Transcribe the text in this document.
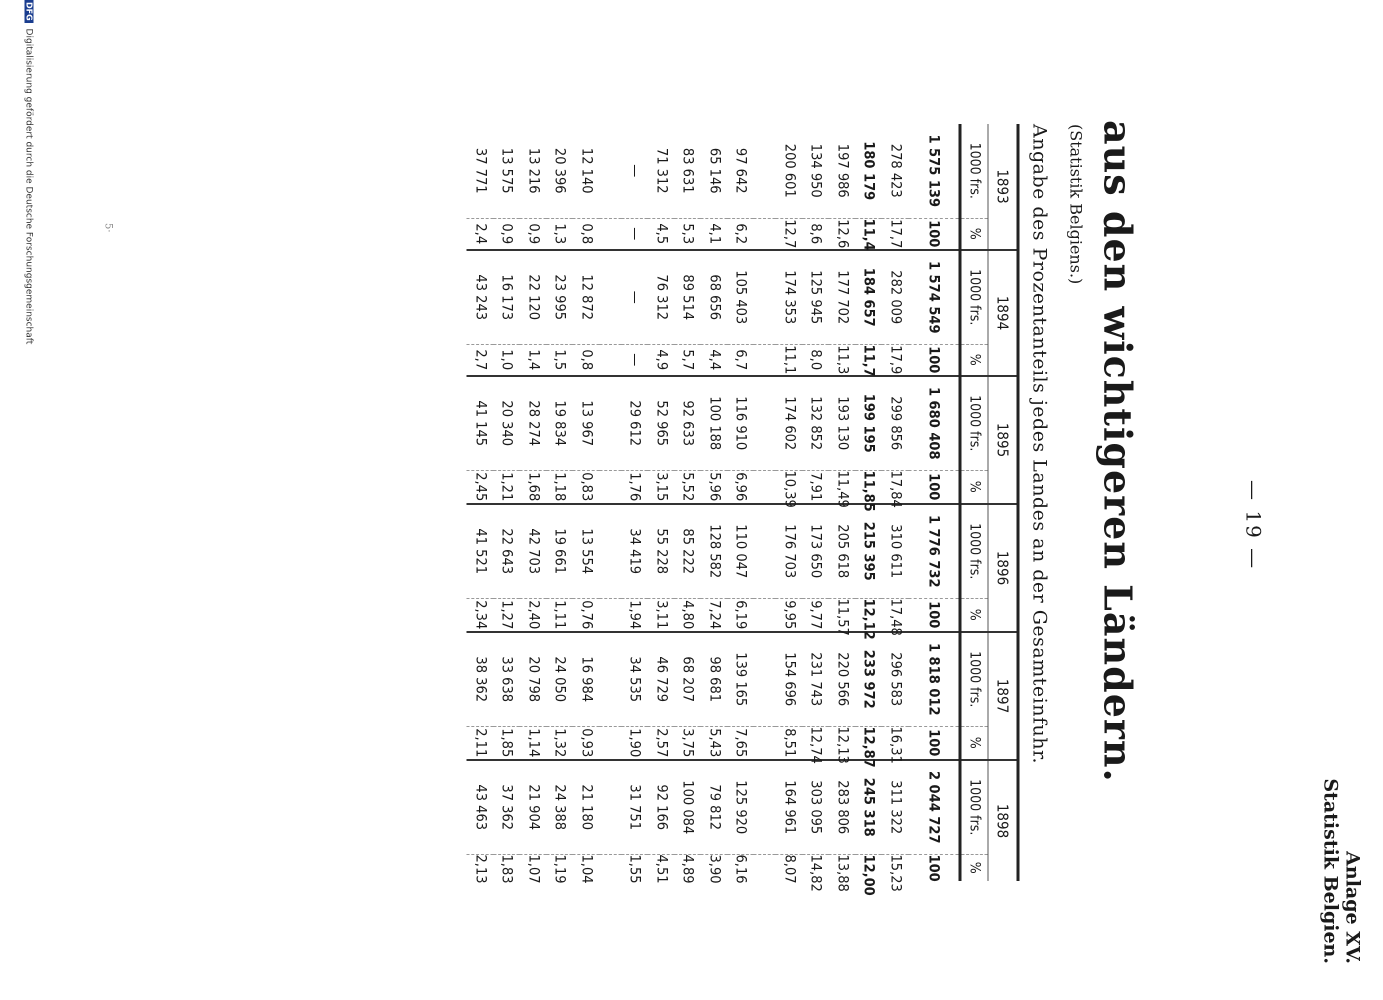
Anlage XV.
Statistik Belgien.
— 19 —
aus den wichtigeren Ländern.
(Statistik Belgiens.)
Angabe des Prozentanteils jedes Landes an der Gesamteinfuhr.
1893		1894		1895		1896		1897		1898	
1000 frs.	%	1000 frs.	%	1000 frs.	%	1000 frs.	%	1000 frs.	%	1000 frs.	%
1 575 139	100	1 574 549	100	1 680 408	100	1 776 732	100	1 818 012	100	2 044 727	100
278 423	17,7	282 009	17,9	299 856	17,84	310 611	17,48	296 583	16,31	311 322	15,23
180 179	11,4	184 657	11,7	199 195	11,85	215 395	12,12	233 972	12,87	245 318	12,00
197 986	12,6	177 702	11,3	193 130	11,49	205 618	11,57	220 566	12,13	283 806	13,88
134 950	8,6	125 945	8,0	132 852	7,91	173 650	9,77	231 743	12,74	303 095	14,82
200 601	12,7	174 353	11,1	174 602	10,39	176 703	9,95	154 696	8,51	164 961	8,07

97 642	6,2	105 403	6,7	116 910	6,96	110 047	6,19	139 165	7,65	125 920	6,16
65 146	4,1	68 656	4,4	100 188	5,96	128 582	7,24	98 681	5,43	79 812	3,90
83 631	5,3	89 514	5,7	92 633	5,52	85 222	4,80	68 207	3,75	100 084	4,89
71 312	4,5	76 312	4,9	52 965	3,15	55 228	3,11	46 729	2,57	92 166	4,51
—	—	—	—	29 612	1,76	34 419	1,94	34 535	1,90	31 751	1,55

12 140	0,8	12 872	0,8	13 967	0,83	13 554	0,76	16 984	0,93	21 180	1,04
20 396	1,3	23 995	1,5	19 834	1,18	19 661	1,11	24 050	1,32	24 388	1,19
13 216	0,9	22 120	1,4	28 274	1,68	42 703	2,40	20 798	1,14	21 904	1,07
13 575	0,9	16 173	1,0	20 340	1,21	22 643	1,27	33 638	1,85	37 362	1,83
37 771	2,4	43 243	2,7	41 145	2,45	41 521	2,34	38 362	2,11	43 463	2,13
DFG Digitalisierung gefördert durch die Deutsche Forschungsgemeinschaft	5·
